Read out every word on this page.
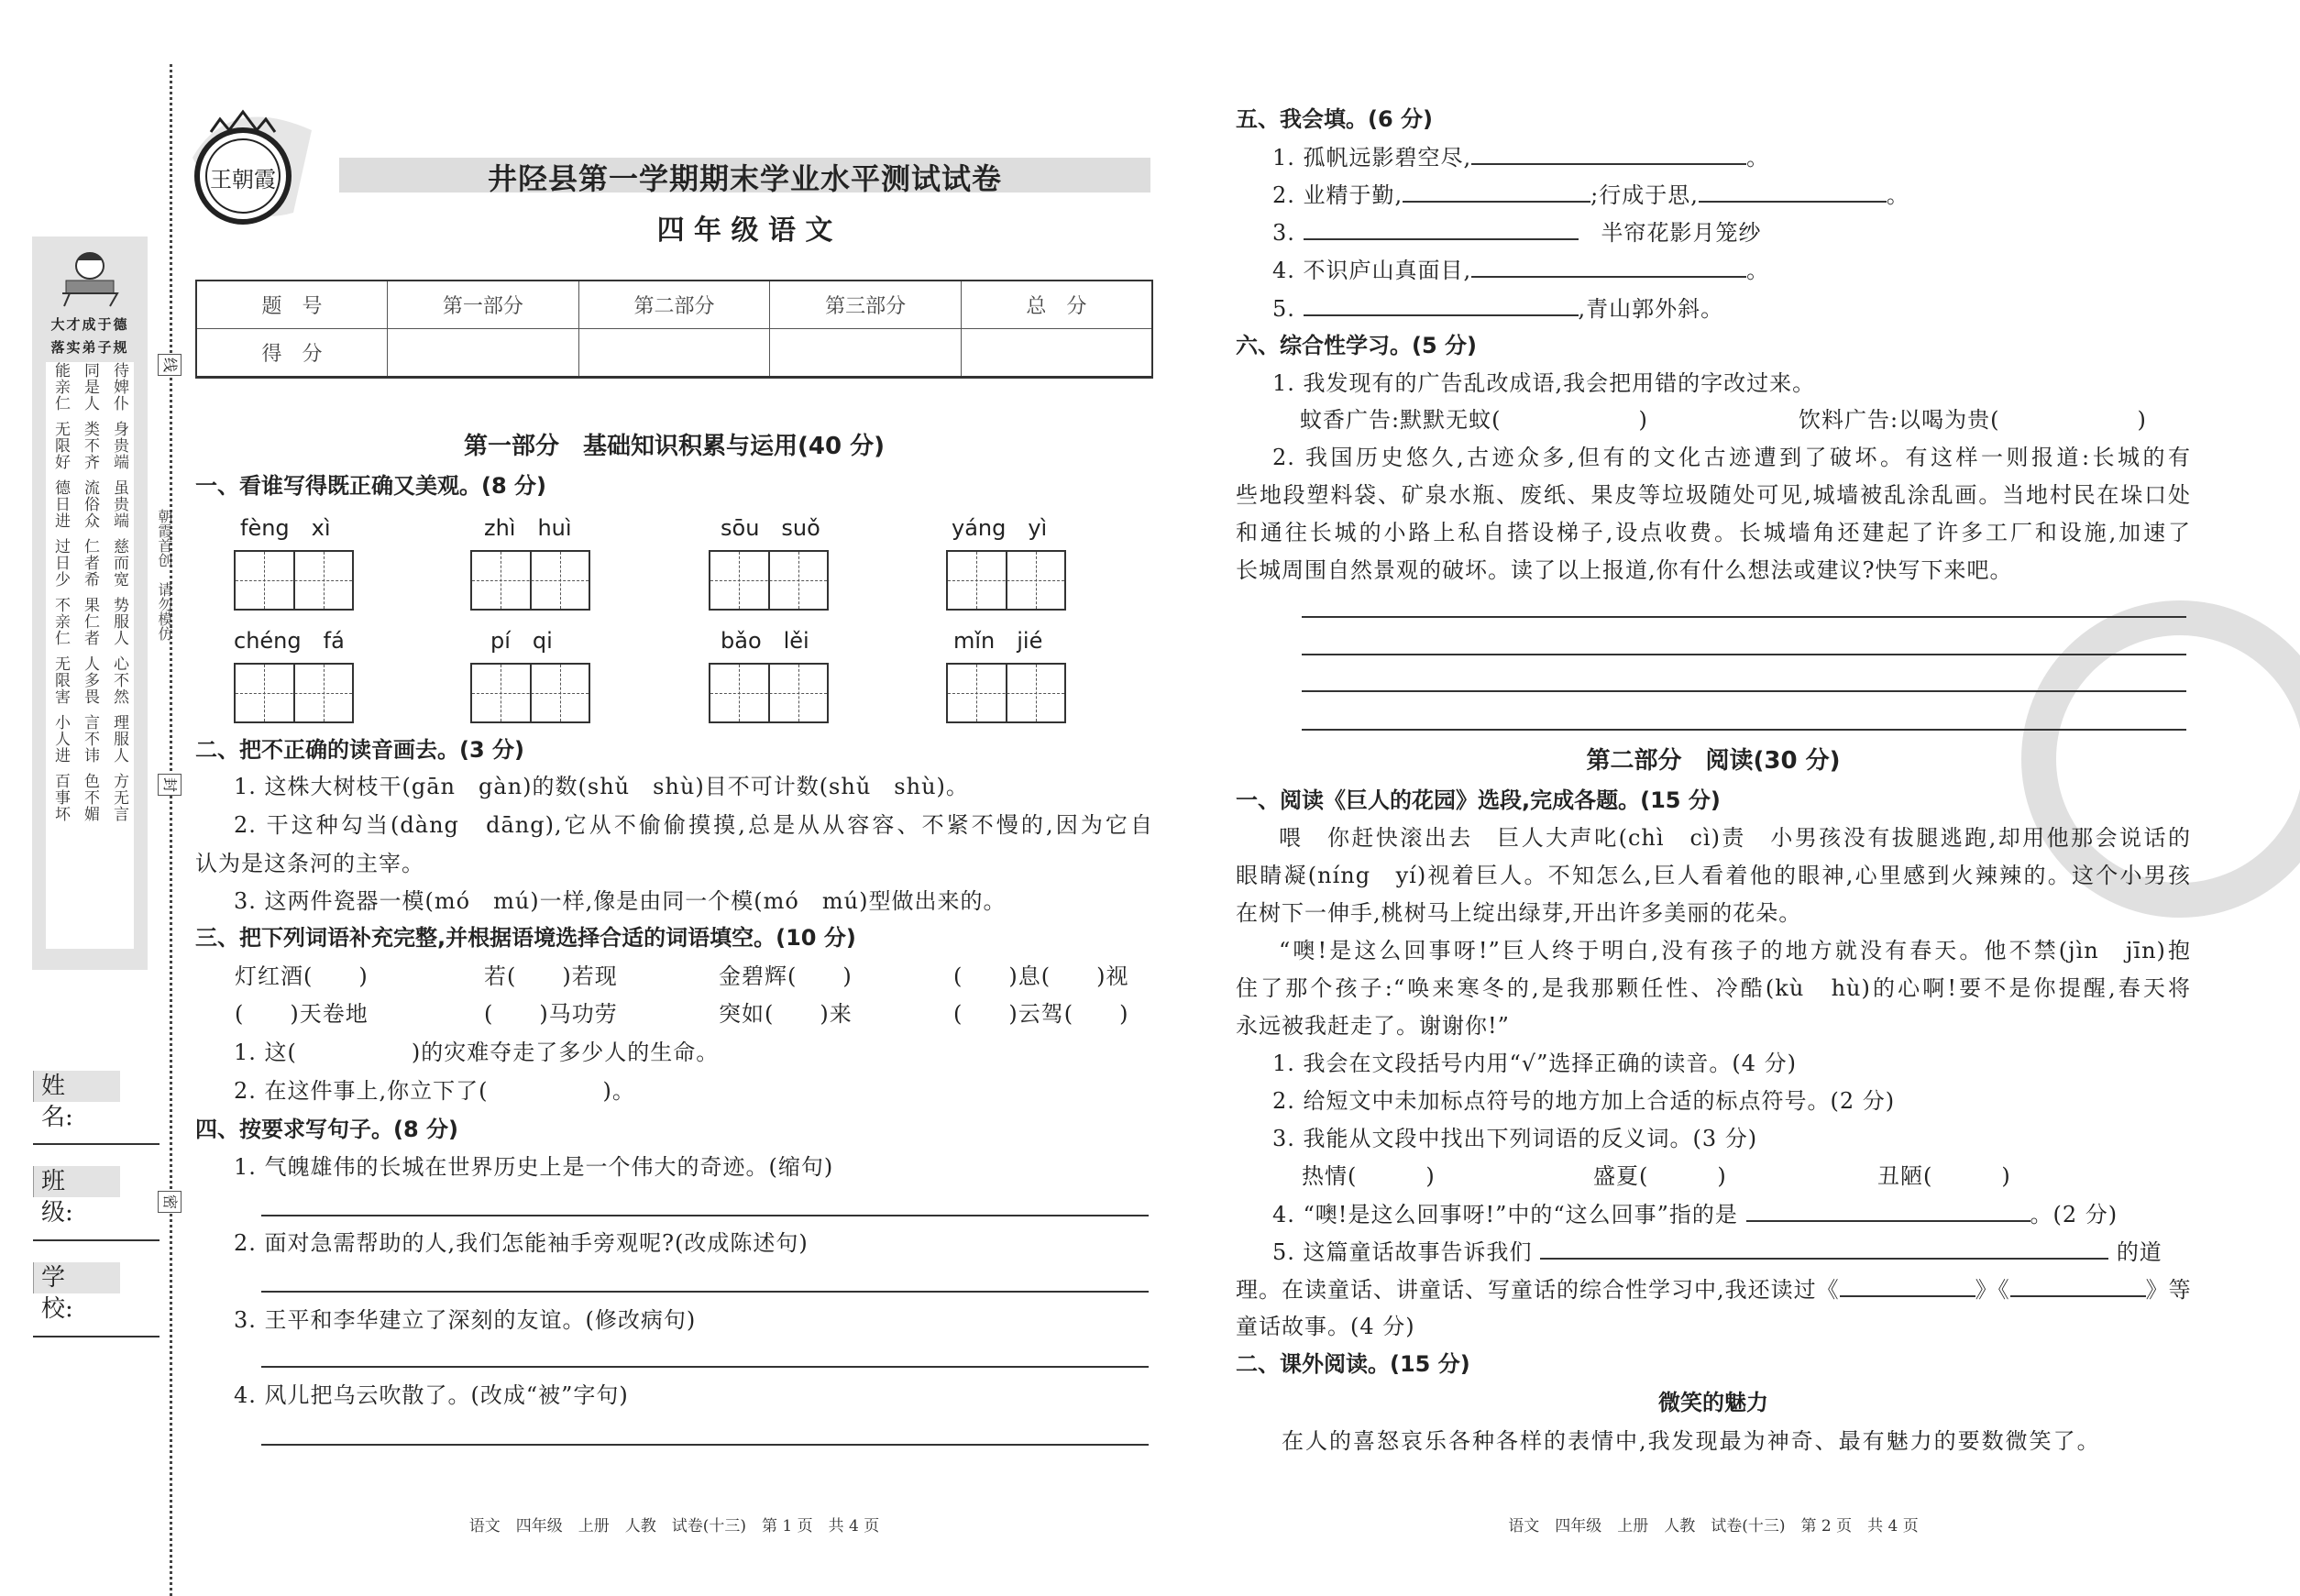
线
封
密
朝霞首创　请勿模仿
大才成于德
落实弟子规
能亲仁 同是人 待婢仆
无限好 类不齐 身贵端
德日进 流俗众 虽贵端
过日少 仁者希 慈而宽
不亲仁 果仁者 势服人
无限害 人多畏 心不然
小人进 言不讳 理服人
百事坏 色不媚 方无言
姓　名:
班　级:
学　校:
王朝霞	井陉县第一学期期末学业水平测试试卷
四 年 级 语 文
题　号	第一部分	第二部分	第三部分	总　分
得　分				
第一部分　基础知识积累与运用(40 分)
一、看谁写得既正确又美观。(8 分)
fèng　xì	zhì　huì	sōu　suǒ	yáng　yì
chéng　fá	pí　qi	bǎo　lěi	mǐn　jié
二、把不正确的读音画去。(3 分)
1. 这株大树枝干(gān　gàn)的数(shǔ　shù)目不可计数(shǔ　shù)。
2. 干这种勾当(dàng　dāng),它从不偷偷摸摸,总是从从容容、不紧不慢的,因为它自
认为是这条河的主宰。
3. 这两件瓷器一模(mó　mú)一样,像是由同一个模(mó　mú)型做出来的。
三、把下列词语补充完整,并根据语境选择合适的词语填空。(10 分)
灯红酒(　　)	若(　　)若现	金碧辉(　　)	(　　)息(　　)视
(　　)天卷地	(　　)马功劳	突如(　　)来	(　　)云驾(　　)
1. 这(　　　　　)的灾难夺走了多少人的生命。
2. 在这件事上,你立下了(　　　　　)。
四、按要求写句子。(8 分)
1. 气魄雄伟的长城在世界历史上是一个伟大的奇迹。(缩句)
2. 面对急需帮助的人,我们怎能袖手旁观呢?(改成陈述句)
3. 王平和李华建立了深刻的友谊。(修改病句)
4. 风儿把乌云吹散了。(改成“被”字句)
语文　四年级　上册　人教　试卷(十三)　第 1 页　共 4 页
五、我会填。(6 分)
1. 孤帆远影碧空尽,	。
2. 业精于勤,	;行成于思,	。
3.	　半帘花影月笼纱
4. 不识庐山真面目,	。
5.	,青山郭外斜。
六、综合性学习。(5 分)
1. 我发现有的广告乱改成语,我会把用错的字改过来。
蚊香广告:默默无蚊(　　　　　　)	饮料广告:以喝为贵(　　　　　　)
2. 我国历史悠久,古迹众多,但有的文化古迹遭到了破坏。有这样一则报道:长城的有
些地段塑料袋、矿泉水瓶、废纸、果皮等垃圾随处可见,城墙被乱涂乱画。当地村民在垛口处
和通往长城的小路上私自搭设梯子,设点收费。长城墙角还建起了许多工厂和设施,加速了
长城周围自然景观的破坏。读了以上报道,你有什么想法或建议?快写下来吧。
第二部分　阅读(30 分)
一、阅读《巨人的花园》选段,完成各题。(15 分)
喂　你赶快滚出去　巨人大声叱(chì　cì)责　小男孩没有拔腿逃跑,却用他那会说话的
眼睛凝(níng　yí)视着巨人。不知怎么,巨人看着他的眼神,心里感到火辣辣的。这个小男孩
在树下一伸手,桃树马上绽出绿芽,开出许多美丽的花朵。
“噢!是这么回事呀!”巨人终于明白,没有孩子的地方就没有春天。他不禁(jìn　jīn)抱
住了那个孩子:“唤来寒冬的,是我那颗任性、冷酷(kù　hù)的心啊!要不是你提醒,春天将
永远被我赶走了。谢谢你!”
1. 我会在文段括号内用“√”选择正确的读音。(4 分)
2. 给短文中未加标点符号的地方加上合适的标点符号。(2 分)
3. 我能从文段中找出下列词语的反义词。(3 分)
热情(　　　)	盛夏(　　　)	丑陋(　　　)
4. “噢!是这么回事呀!”中的“这么回事”指的是	。(2 分)
5. 这篇童话故事告诉我们	的道
理。在读童话、讲童话、写童话的综合性学习中,我还读过《	》《	》等
童话故事。(4 分)
二、课外阅读。(15 分)
微笑的魅力
在人的喜怒哀乐各种各样的表情中,我发现最为神奇、最有魅力的要数微笑了。
语文　四年级　上册　人教　试卷(十三)　第 2 页　共 4 页
